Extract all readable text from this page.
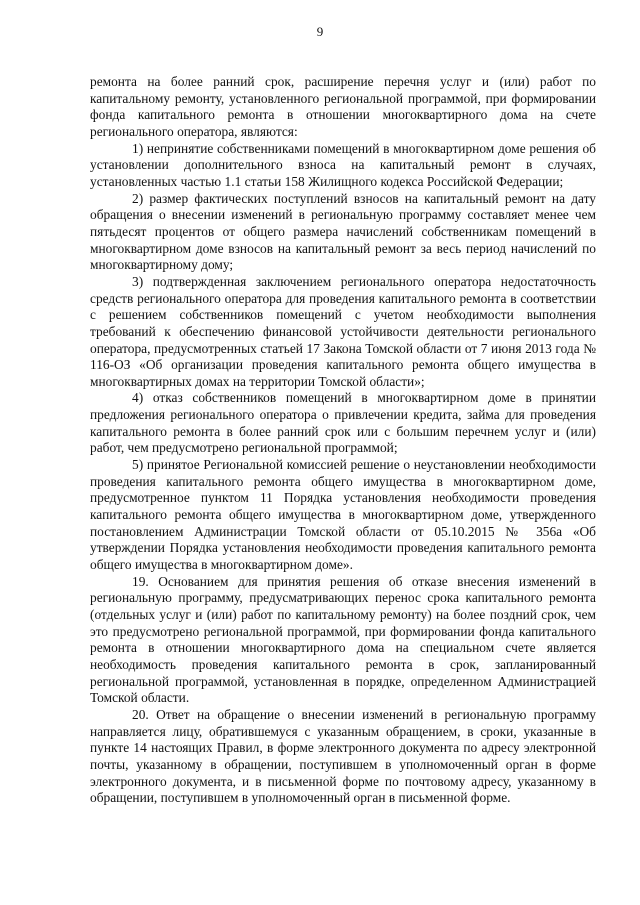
9

ремонта на более ранний срок, расширение перечня услуг и (или) работ по капитальному ремонту, установленного региональной программой, при формировании фонда капитального ремонта в отношении многоквартирного дома на счете регионального оператора, являются:

1) непринятие собственниками помещений в многоквартирном доме решения об установлении дополнительного взноса на капитальный ремонт в случаях, установленных частью 1.1 статьи 158 Жилищного кодекса Российской Федерации;

2) размер фактических поступлений взносов на капитальный ремонт на дату обращения о внесении изменений в региональную программу составляет менее чем пятьдесят процентов от общего размера начислений собственникам помещений в многоквартирном доме взносов на капитальный ремонт за весь период начислений по многоквартирному дому;

3) подтвержденная заключением регионального оператора недостаточность средств регионального оператора для проведения капитального ремонта в соответствии с решением собственников помещений с учетом необходимости выполнения требований к обеспечению финансовой устойчивости деятельности регионального оператора, предусмотренных статьей 17 Закона Томской области от 7 июня 2013 года № 116-ОЗ «Об организации проведения капитального ремонта общего имущества в многоквартирных домах на территории Томской области»;

4) отказ собственников помещений в многоквартирном доме в принятии предложения регионального оператора о привлечении кредита, займа для проведения капитального ремонта в более ранний срок или с большим перечнем услуг и (или) работ, чем предусмотрено региональной программой;

5) принятое Региональной комиссией решение о неустановлении необходимости проведения капитального ремонта общего имущества в многоквартирном доме, предусмотренное пунктом 11 Порядка установления необходимости проведения капитального ремонта общего имущества в многоквартирном доме, утвержденного постановлением Администрации Томской области от 05.10.2015 № 356а «Об утверждении Порядка установления необходимости проведения капитального ремонта общего имущества в многоквартирном доме».

19. Основанием для принятия решения об отказе внесения изменений в региональную программу, предусматривающих перенос срока капитального ремонта (отдельных услуг и (или) работ по капитальному ремонту) на более поздний срок, чем это предусмотрено региональной программой, при формировании фонда капитального ремонта в отношении многоквартирного дома на специальном счете является необходимость проведения капитального ремонта в срок, запланированный региональной программой, установленная в порядке, определенном Администрацией Томской области.

20. Ответ на обращение о внесении изменений в региональную программу направляется лицу, обратившемуся с указанным обращением, в сроки, указанные в пункте 14 настоящих Правил, в форме электронного документа по адресу электронной почты, указанному в обращении, поступившем в уполномоченный орган в форме электронного документа, и в письменной форме по почтовому адресу, указанному в обращении, поступившем в уполномоченный орган в письменной форме.
